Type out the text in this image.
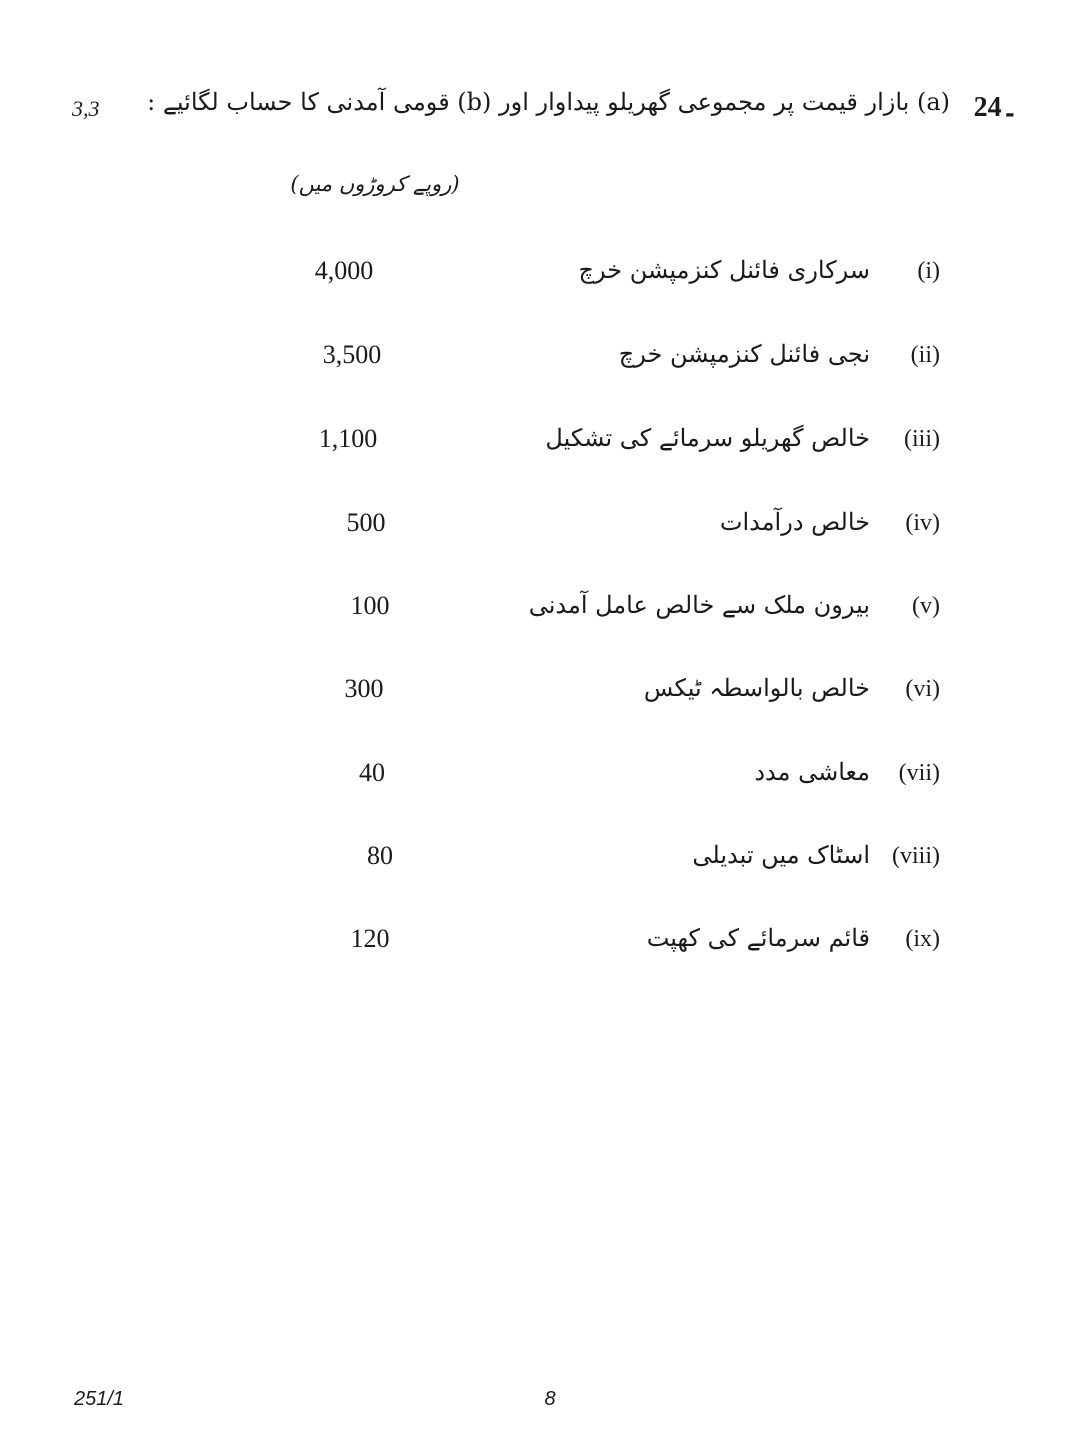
3,3	24۔
(a) بازار قیمت پر مجموعی گھریلو پیداوار اور (b) قومی آمدنی کا حساب لگائیے :
(روپے کروڑوں میں)
(i)
سرکاری فائنل کنزمپشن خرچ
4,000
(ii)
نجی فائنل کنزمپشن خرچ
3,500
(iii)
خالص گھریلو سرمائے کی تشکیل
1,100
(iv)
خالص درآمدات
500
(v)
بیرون ملک سے خالص عامل آمدنی
100
(vi)
خالص بالواسطہ ٹیکس
300
(vii)
معاشی مدد
40
(viii)
اسٹاک میں تبدیلی
80
(ix)
قائم سرمائے کی کھپت
120
251/1	8
